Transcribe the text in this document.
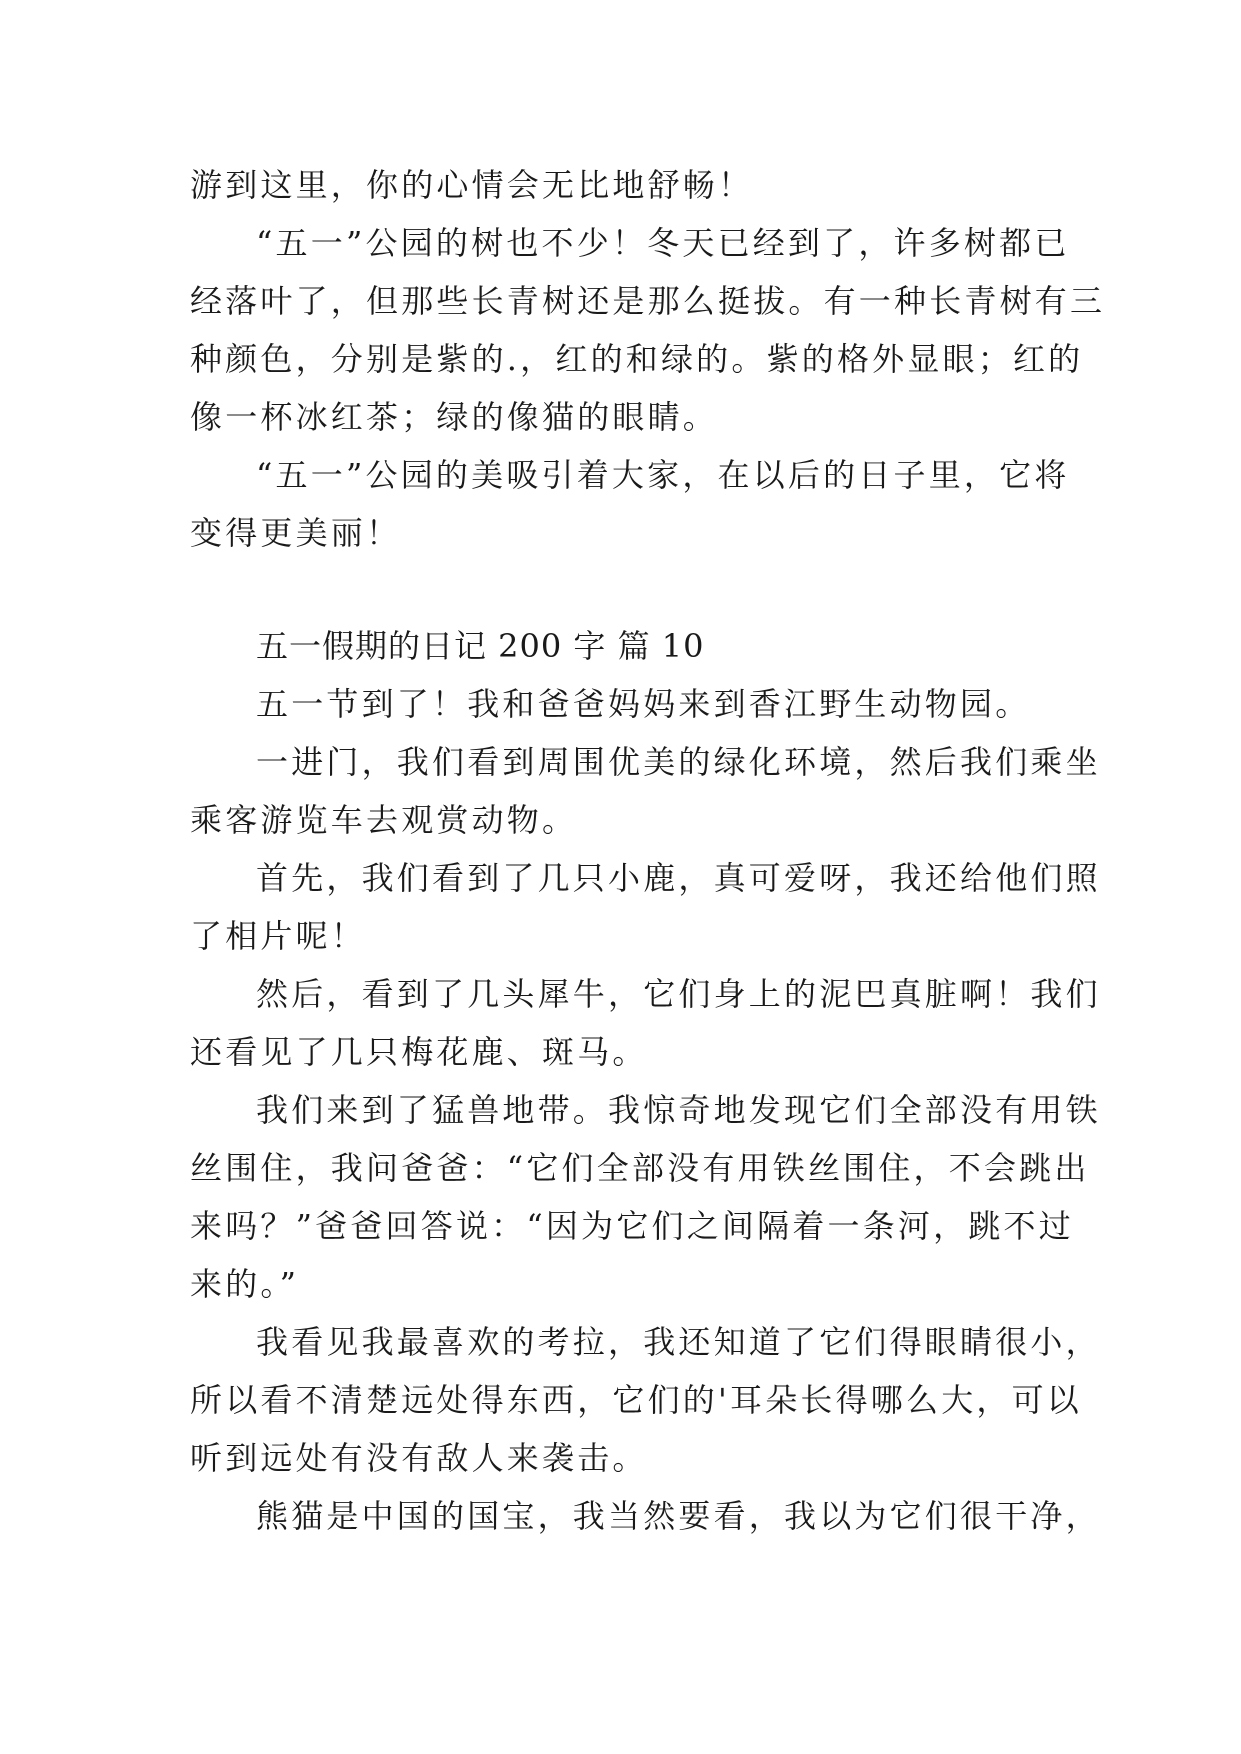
游到这里，你的心情会无比地舒畅！
“五一”公园的树也不少！冬天已经到了，许多树都已
经落叶了，但那些长青树还是那么挺拔。有一种长青树有三
种颜色，分别是紫的.，红的和绿的。紫的格外显眼；红的
像一杯冰红茶；绿的像猫的眼睛。
“五一”公园的美吸引着大家，在以后的日子里，它将
变得更美丽！
五一假期的日记 200 字 篇 10
五一节到了！我和爸爸妈妈来到香江野生动物园。
一进门，我们看到周围优美的绿化环境，然后我们乘坐
乘客游览车去观赏动物。
首先，我们看到了几只小鹿，真可爱呀，我还给他们照
了相片呢！
然后，看到了几头犀牛，它们身上的泥巴真脏啊！我们
还看见了几只梅花鹿、斑马。
我们来到了猛兽地带。我惊奇地发现它们全部没有用铁
丝围住，我问爸爸：“它们全部没有用铁丝围住，不会跳出
来吗？”爸爸回答说：“因为它们之间隔着一条河，跳不过
来的。”
我看见我最喜欢的考拉，我还知道了它们得眼睛很小，
所以看不清楚远处得东西，它们的'耳朵长得哪么大，可以
听到远处有没有敌人来袭击。
熊猫是中国的国宝，我当然要看，我以为它们很干净，
